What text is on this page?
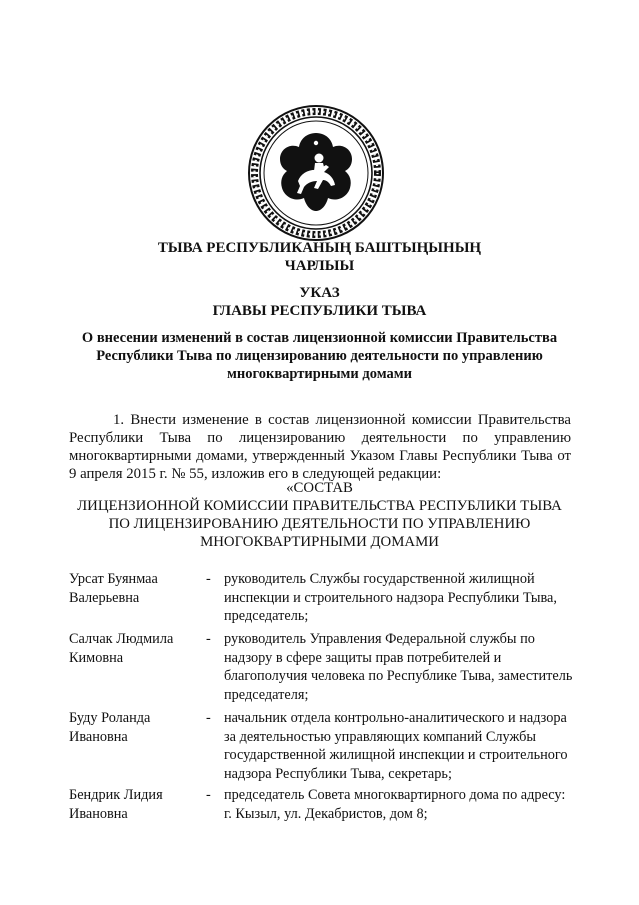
ТЫВА РЕСПУБЛИКАНЫҢ БАШТЫҢЫНЫҢ
ЧАРЛЫЫ
УКАЗ
ГЛАВЫ РЕСПУБЛИКИ ТЫВА
О внесении изменений в состав лицензионной комиссии Правительства
Республики Тыва по лицензированию деятельности по управлению
многоквартирными домами
1. Внести изменение в состав лицензионной комиссии Правительства Республики Тыва по лицензированию деятельности по управлению многоквартирными домами, утвержденный Указом Главы Республики Тыва от 9 апреля 2015 г. № 55, изложив его в следующей редакции:
«СОСТАВ
ЛИЦЕНЗИОННОЙ КОМИССИИ ПРАВИТЕЛЬСТВА РЕСПУБЛИКИ ТЫВА
ПО ЛИЦЕНЗИРОВАНИЮ ДЕЯТЕЛЬНОСТИ ПО УПРАВЛЕНИЮ
МНОГОКВАРТИРНЫМИ ДОМАМИ
Урсат Буянмаа
Валерьевна
- руководитель Службы государственной жилищной
инспекции и строительного надзора Республики Тыва,
председатель;
Салчак Людмила
Кимовна
- руководитель Управления Федеральной службы по
надзору в сфере защиты прав потребителей и
благополучия человека по Республике Тыва, заместитель
председателя;
Буду Роланда
Ивановна
- начальник отдела контрольно-аналитического и надзора
за деятельностью управляющих компаний Службы
государственной жилищной инспекции и строительного
надзора Республики Тыва, секретарь;
Бендрик Лидия
Ивановна
- председатель Совета многоквартирного дома по адресу:
г. Кызыл, ул. Декабристов, дом 8;
